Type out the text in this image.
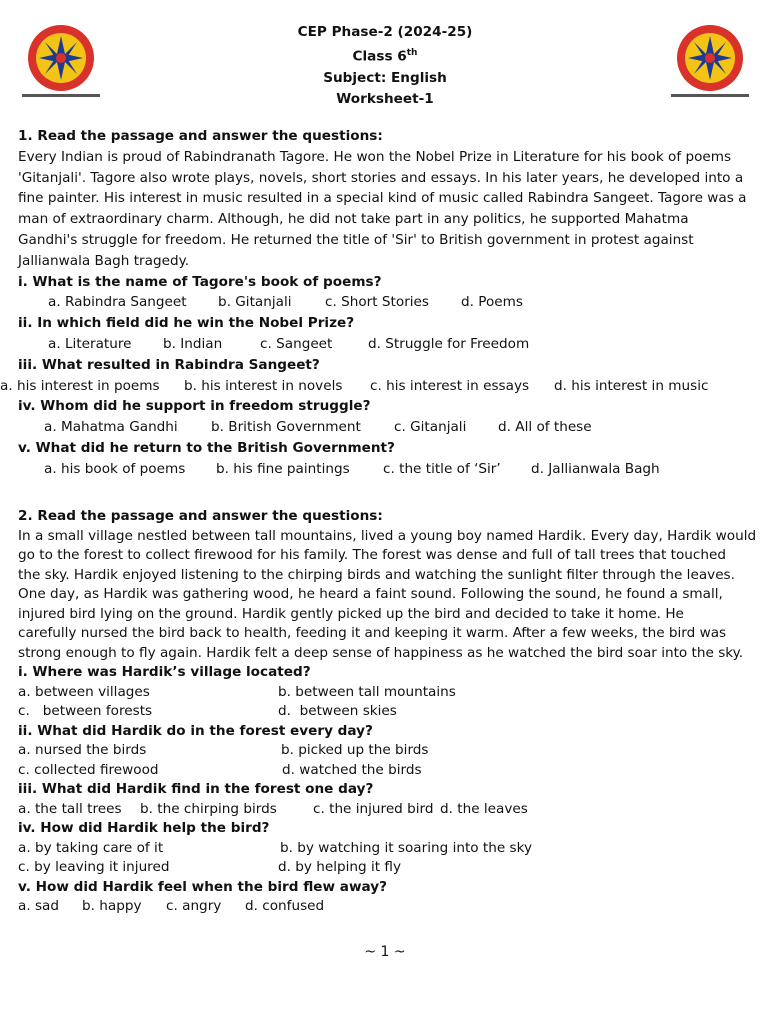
CEP Phase-2 (2024-25)
Class 6th
Subject: English
Worksheet-1

1. Read the passage and answer the questions:

Every Indian is proud of Rabindranath Tagore. He won the Nobel Prize in Literature for his book of poems
'Gitanjali'. Tagore also wrote plays, novels, short stories and essays. In his later years, he developed into a
fine painter. His interest in music resulted in a special kind of music called Rabindra Sangeet. Tagore was a
man of extraordinary charm. Although, he did not take part in any politics, he supported Mahatma
Gandhi's struggle for freedom. He returned the title of 'Sir' to British government in protest against
Jallianwala Bagh tragedy.

i. What is the name of Tagore's book of poems?

a. Rabindra Sangeet	b. Gitanjali	c. Short Stories	d. Poems

ii. In which field did he win the Nobel Prize?

a. Literature	b. Indian	c. Sangeet	d. Struggle for Freedom

iii. What resulted in Rabindra Sangeet?

a. his interest in poems	b. his interest in novels	c. his interest in essays	d. his interest in music

iv. Whom did he support in freedom struggle?

a. Mahatma Gandhi	b. British Government	c. Gitanjali	d. All of these

v. What did he return to the British Government?

a. his book of poems	b. his fine paintings	c. the title of ‘Sir’	d. Jallianwala Bagh

2. Read the passage and answer the questions:

In a small village nestled between tall mountains, lived a young boy named Hardik. Every day, Hardik would
go to the forest to collect firewood for his family. The forest was dense and full of tall trees that touched
the sky. Hardik enjoyed listening to the chirping birds and watching the sunlight filter through the leaves.
One day, as Hardik was gathering wood, he heard a faint sound. Following the sound, he found a small,
injured bird lying on the ground. Hardik gently picked up the bird and decided to take it home. He
carefully nursed the bird back to health, feeding it and keeping it warm. After a few weeks, the bird was
strong enough to fly again. Hardik felt a deep sense of happiness as he watched the bird soar into the sky.

i. Where was Hardik’s village located?

a. between villages	b. between tall mountains
c.   between forests	d.  between skies

ii. What did Hardik do in the forest every day?

a. nursed the birds	b. picked up the birds
c. collected firewood	d. watched the birds

iii. What did Hardik find in the forest one day?

a. the tall trees	b. the chirping birds	c. the injured bird d. the leaves

iv. How did Hardik help the bird?

a. by taking care of it	b. by watching it soaring into the sky
c. by leaving it injured	d. by helping it fly

v. How did Hardik feel when the bird flew away?

a. sad	b. happy	c. angry	d. confused
~ 1 ~
